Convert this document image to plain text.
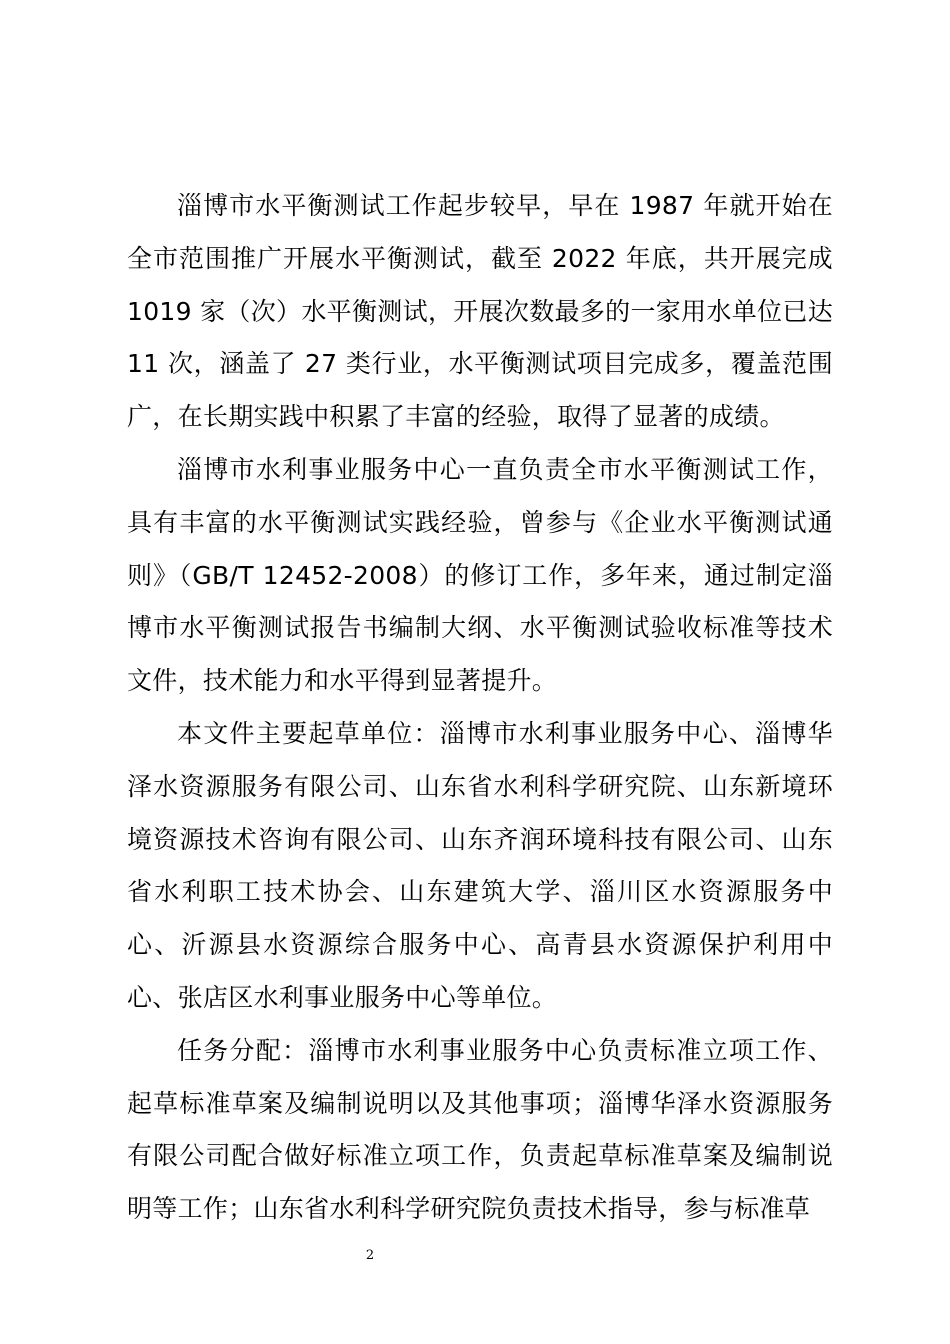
淄博市水平衡测试工作起步较早，早在 1987 年就开始在全市范围推广开展水平衡测试，截至 2022 年底，共开展完成 1019 家（次）水平衡测试，开展次数最多的一家用水单位已达 11 次，涵盖了 27 类行业，水平衡测试项目完成多，覆盖范围广，在长期实践中积累了丰富的经验，取得了显著的成绩。

淄博市水利事业服务中心一直负责全市水平衡测试工作，具有丰富的水平衡测试实践经验，曾参与《企业水平衡测试通则》（GB/T 12452-2008）的修订工作，多年来，通过制定淄博市水平衡测试报告书编制大纲、水平衡测试验收标准等技术文件，技术能力和水平得到显著提升。

本文件主要起草单位：淄博市水利事业服务中心、淄博华泽水资源服务有限公司、山东省水利科学研究院、山东新境环境资源技术咨询有限公司、山东齐润环境科技有限公司、山东省水利职工技术协会、山东建筑大学、淄川区水资源服务中心、沂源县水资源综合服务中心、高青县水资源保护利用中心、张店区水利事业服务中心等单位。

任务分配：淄博市水利事业服务中心负责标准立项工作、起草标准草案及编制说明以及其他事项；淄博华泽水资源服务有限公司配合做好标准立项工作，负责起草标准草案及编制说明等工作；山东省水利科学研究院负责技术指导，参与标准草

2
